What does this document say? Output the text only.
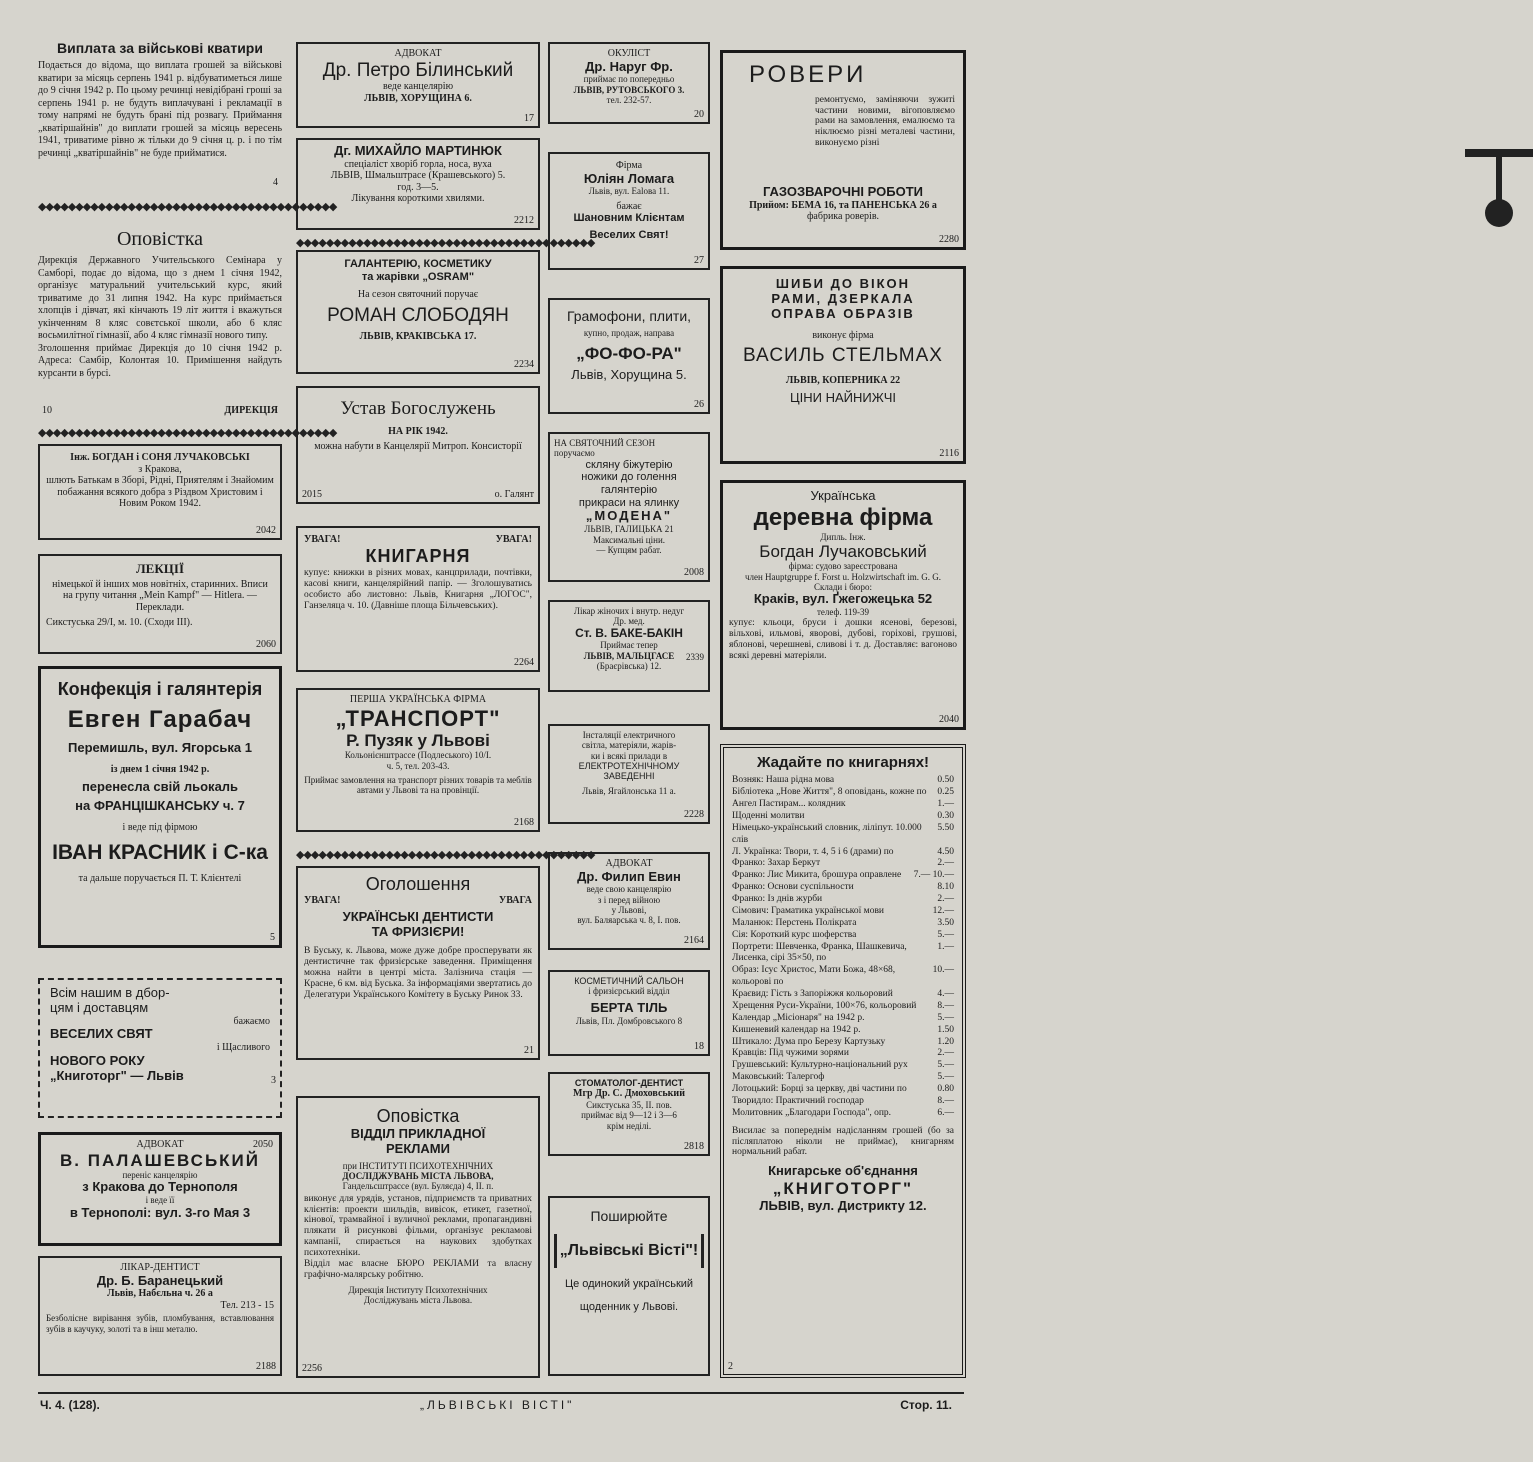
Виплата за військові кватири
Подається до відома, що виплата грошей за військові кватири за місяць серпень 1941 р. відбуватиметься лише до 9 січня 1942 р. По цьому речинці невідібрані гроші за серпень 1941 р. не будуть виплачувані і рекламації в тому напрямі не будуть брані під розвагу. Приймання „кватіршайнів" до виплати грошей за місяць вересень 1941, триватиме рівно ж тільки до 9 січня ц. р. і по тім речинці „кватіршайнів" не буде прийматися.
4
◆◆◆◆◆◆◆◆◆◆◆◆◆◆◆◆◆◆◆◆◆◆◆◆◆◆◆◆◆◆◆◆◆◆◆◆◆◆◆◆
Оповістка
Дирекція Державного Учительського Семінара у Самборі, подає до відома, що з днем 1 січня 1942, організує матуральний учительський курс, який триватиме до 31 липня 1942. На курс приймається хлопців і дівчат, які кінчають 19 літ життя і вкажуться укінченням 8 кляс совєтської школи, або 6 кляс восьмилітної гімназії, або 4 кляс гімназії нового типу.
Зголошення приймає Дирекція до 10 січня 1942 р. Адреса: Самбір, Колонтая 10. Примішення найдуть курсанти в бурсі.
10	ДИРЕКЦІЯ
◆◆◆◆◆◆◆◆◆◆◆◆◆◆◆◆◆◆◆◆◆◆◆◆◆◆◆◆◆◆◆◆◆◆◆◆◆◆◆◆
Інж. БОГДАН і СОНЯ ЛУЧАКОВСЬКІ
з Кракова,
шлють Батькам в Зборі, Рідні, Приятелям і Знайомим побажання всякого добра з Різдвом Христовим і Новим Роком 1942.
2042
ЛЕКЦІЇ
німецької й інших мов новітніх, старинних. Вписи на групу читання „Mein Kampf" — Hitlera. — Переклади.
Сикстуська 29/I, м. 10. (Сходи III).
2060
Конфекція і галянтерія
Евген Гарабач
Перемишль, вул. Ягорська 1
із днем 1 січня 1942 р.
перенесла свій льокаль
на ФРАНЦІШКАНСЬКУ ч. 7
і веде під фірмою
ІВАН КРАСНИК і С-ка
та дальше поручається П. Т. Клієнтелі
5
Всім нашим в дбор-
цям і доставцям
бажаємо
ВЕСЕЛИХ СВЯТ
і Щасливого
НОВОГО РОКУ
„Книготорг" — Львів	3
АДВОКАТ	2050
В. ПАЛАШЕВСЬКИЙ
переніс канцелярію
з Кракова до Тернополя
і веде її
в Тернополі: вул. 3-го Мая 3
ЛІКАР-ДЕНТИСТ
Др. Б. Баранецький
Львів, Набєльна ч. 26 а
Тел. 213 - 15
Безболісне вирівання зубів, пломбування, вставлювання зубів в каучуку, золоті та в інш металю.
2188
АДВОКАТ
Др. Петро Білинський
веде канцелярію
ЛЬВІВ, ХОРУЩИНА 6.
17
Дг. МИХАЙЛО МАРТИНЮК
спеціаліст хворіб горла, носа, вуха
ЛЬВІВ, Шмальштрасе (Крашевського) 5.
год. 3—5.
Лікування короткими хвилями.
2212
◆◆◆◆◆◆◆◆◆◆◆◆◆◆◆◆◆◆◆◆◆◆◆◆◆◆◆◆◆◆◆◆◆◆◆◆◆◆◆◆
ГАЛАНТЕРІЮ, КОСМЕТИКУ
та жарівки „OSRAM"
На сезон святочний поручає
РОМАН СЛОБОДЯН
ЛЬВІВ, КРАКІВСЬКА 17.
2234
Устав Богослужень
НА РІК 1942.
можна набути в Канцелярії Митроп. Консисторії
2015	о. Галянт
УВАГА!	УВАГА!
КНИГАРНЯ
купує: книжки в різних мовах, канцприлади, почтівки, касові книги, канцелярійний папір. — Зголошуватись особисто або листовно: Львів, Книгарня „ЛОГОС", Ганзеляца ч. 10. (Давніше площа Більчевських).
2264
ПЕРША УКРАЇНСЬКА ФІРМА
„ТРАНСПОРТ"
Р. Пузяк у Львові
Кольонієнштрассе (Подлеського) 10/I.
ч. 5, тел. 203-43.
Приймає замовлення на транспорт різних товарів та меблів автами у Львові та на провінції.
2168
◆◆◆◆◆◆◆◆◆◆◆◆◆◆◆◆◆◆◆◆◆◆◆◆◆◆◆◆◆◆◆◆◆◆◆◆◆◆◆◆
Оголошення
УВАГА!	УВАГА
УКРАЇНСЬКІ ДЕНТИСТИ
ТА ФРИЗІЄРИ!
В Буську, к. Львова, може дуже добре просперувати як дентистичне так фризієрське заведення. Приміщення можна найти в центрі міста. Залізнича стація — Красне, 6 км. від Буська. За інформаціями звертатись до Делегатури Українського Комітету в Буську Ринок 33.
21
Оповістка
ВІДДІЛ ПРИКЛАДНОЇ
РЕКЛАМИ
при ІНСТИТУТІ ПСИХОТЕХНІЧНИХ
ДОСЛІДЖУВАНЬ МІСТА ЛЬВОВА,
Гандельсштрассе (вул. Буляєда) 4, II. п.
виконує для урядів, установ, підприємств та приватних клієнтів: проекти шильдів, вивісок, етикет, газетної, кінової, трамвайної і вуличної реклами, пропагандивні плякати й рисункові фільми, організує рекламові кампанії, спирається на наукових здобутках психотехніки.
Відділ має власне БЮРО РЕКЛАМИ та власну графічно-малярську робітню.
Дирекція Інституту Психотехнічних
Досліджувань міста Львова.
2256
ОКУЛІСТ
Др. Наруг Фр.
приймає по попередньо
ЛЬВІВ, РУТОВСЬКОГО 3.
тел. 232-57.
20
Фірма
Юліян Ломага
Львів, вул. Ealова 11.
бажає
Шановним Клієнтам
Веселих Свят!
27
Грамофони, плити,
купно, продаж, направа
„ФО-ФО-РА"
Львів, Хорущина 5.
26
НА СВЯТОЧНИЙ СЕЗОН
поручаємо
скляну біжутерію
ножики до голення
галянтерію
прикраси на ялинку
„МОДЕНА"
ЛЬВІВ, ГАЛИЦЬКА 21
Максимальні ціни.
— Купцям рабат.
2008
Лікар жіночих і внутр. недуг
Др. мед.
Ст. В. БАКЕ-БАКІН
Приймає тепер
2339
ЛЬВІВ, МАЛЬЦГАСЕ
(Браєрівська) 12.
Інсталяції електричного
світла, матеріяли, жарів-
ки і всякі прилади в
ЕЛЕКТРОТЕХНІЧНОМУ
ЗАВЕДЕННІ
Львів, Ягайлонська 11 а.
2228
АДВОКАТ
Др. Филип Евин
веде свою канцелярію
з і перед війною
у Львові,
вул. Баляарська ч. 8, I. пов.
2164
КОСМЕТИЧНИЙ САЛЬОН
і фризієрський відділ
БЕРТА ТІЛЬ
Львів, Пл. Домбровського 8
18
СТОМАТОЛОГ-ДЕНТИСТ
Мгр Др. С. Дмоховський
Сикстуська 35, II. пов.
приймає від 9—12 і 3—6
крім неділі.
2818
Поширюйте
„Львівські Вісті"!
Це одинокий український
щоденник у Львові.
РОВЕРИ
ремонтуємо, заміняючи зужиті частини новими, вiгоповляємо рами на замовлення, емалюємо та нiклюємо рiзнi металеві частини, виконуємо рiзнi
ГАЗОЗВАРОЧНІ РОБОТИ
Прийом: БЕМА 16, та ПАНЕНСЬКА 26 а
фабрика роверів.
2280
ШИБИ ДО ВІКОН
РАМИ, ДЗЕРКАЛА
ОПРАВА ОБРАЗІВ
виконує фірма
ВАСИЛЬ СТЕЛЬМАХ
ЛЬВІВ, КОПЕРНИКА 22
ЦІНИ НАЙНИЖЧІ
2116
Українська
деревна фірма
Дипль. Інж.
Богдан Лучаковський
фірма: судово зареєстрована
член Hauptgruppe f. Forst u. Holzwirtschaft im. G. G.
Склади і бюро:
Краків, вул. Ґжегожецька 52
телеф. 119-39
купує: кльоци, бруси і дошки ясенові, березові, вільхові, ильмові, яворові, дубові, горіхові, грушові, яблонові, черешневі, сливові і т. д. Доставляє: вагоново всякі деревні матеріяли.
2040
Жадайте по книгарнях!
Возняк: Наша рідна мова	0.50
Бібліотека „Нове Життя", 8 оповідань, кожне по	0.25
Ангел Пастирам... колядник	1.—
Щоденні молитви	0.30
Німецько-український словник, лілiпут. 10.000 слів
5.50
Л. Українка: Твори, т. 4, 5 і 6 (драми) по	4.50
Франко: Захар Беркут	2.—
Франко: Лис Микита, брошура оправлене	7.— 10.—
Франко: Основи суспільности	8.10
Франко: Із днів журби	2.—
Сімович: Граматика української мови	12.—
Маланюк: Перстень Полікрата	3.50
Сія: Короткий курс шоферства	5.—
Портрети: Шевченка, Франка, Шашкевича, Лисенка, сірі 35×50, по
1.—
Образ: Ісус Христос, Мати Божа, 48×68, кольорові по
10.—
Краєвид: Гість з Запоріжжя кольоровий	4.—
Хрещення Руси-України, 100×76, кольоровий	8.—
Календар „Місіонаря" на 1942 р.	5.—
Кишеневий календар на 1942 р.	1.50
Штикало: Дума про Березу Картузьку	1.20
Кравців: Під чужими зорями	2.—
Грушевський: Культурно-національний рух	5.—
Маковський: Талергоф	5.—
Лотоцький: Борці за церкву, дві частини по	0.80
Творидло: Практичний господар	8.—
Молитовник „Благодари Господа", опр.	6.—
Висилає за попереднім надісланням грошей (бо за післяплатою ніколи не приймає), книгарням нормальний рабат.
Книгарське об'єднання
„КНИГОТОРГ"
ЛЬВІВ, вул. Дистрикту 12.
2
Ч. 4. (128).	„ЛЬВІВСЬКІ ВІСТІ"	Стор. 11.
